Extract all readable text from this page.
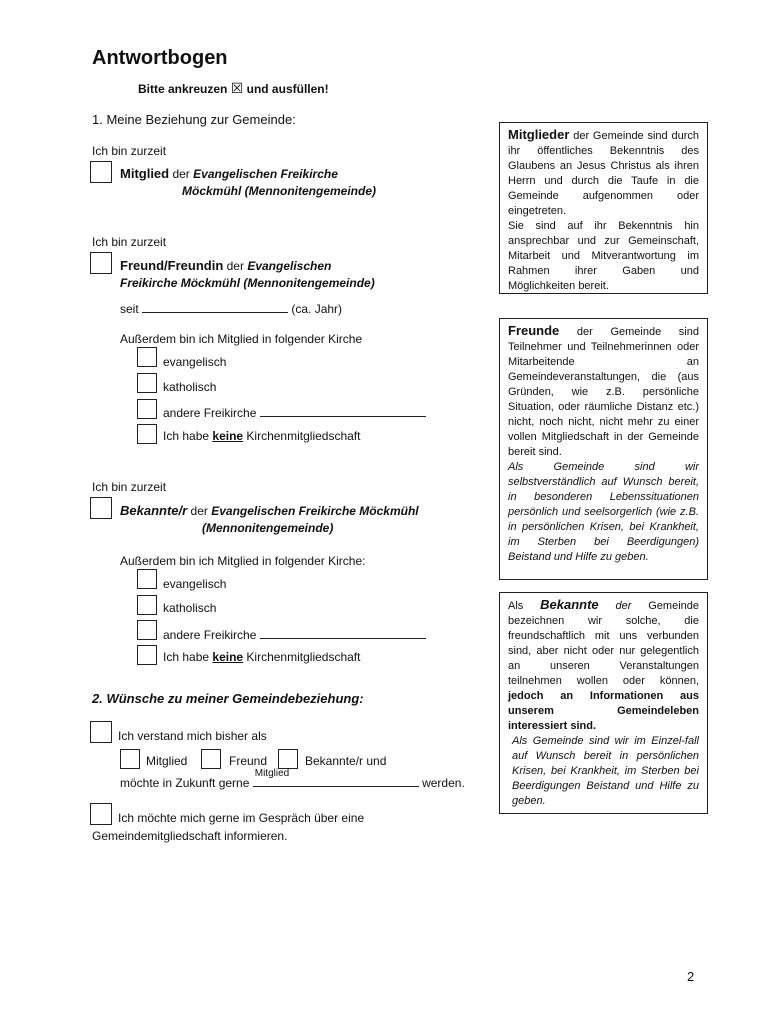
Antwortbogen
Bitte ankreuzen ☒ und ausfüllen!
1. Meine Beziehung zur Gemeinde:
Ich bin zurzeit
Mitglied der Evangelischen Freikirche
Möckmühl (Mennonitengemeinde)
Ich bin zurzeit
Freund/Freundin der Evangelischen
Freikirche Möckmühl (Mennonitengemeinde)
seit	(ca. Jahr)
Außerdem bin ich Mitglied in folgender Kirche
evangelisch
katholisch
andere Freikirche
Ich habe keine Kirchenmitgliedschaft
Ich bin zurzeit
Bekannte/r der Evangelischen Freikirche Möckmühl
(Mennonitengemeinde)
Außerdem bin ich Mitglied in folgender Kirche:
evangelisch
katholisch
andere Freikirche
Ich habe keine Kirchenmitgliedschaft
2. Wünsche zu meiner Gemeindebeziehung:
Ich verstand mich bisher als
Mitglied	Freund	Bekannte/r und
möchte in Zukunft gerne
Mitglied
werden.
Ich möchte mich gerne im Gespräch über eine
Gemeindemitgliedschaft informieren.

Mitglieder der Gemeinde sind durch ihr öffentliches Bekenntnis des Glaubens an Jesus Christus als ihren Herrn und durch die Taufe in die Gemeinde aufgenommen oder eingetreten.

Sie sind auf ihr Bekenntnis hin ansprechbar und zur Gemeinschaft, Mitarbeit und Mitverantwortung im Rahmen ihrer Gaben und Möglichkeiten bereit.

Freunde der Gemeinde sind Teilnehmer und Teilnehmerinnen oder Mitarbeitende an Gemeindeveranstaltungen, die (aus Gründen, wie z.B. persönliche Situation, oder räumliche Distanz etc.) nicht, noch nicht, nicht mehr zu einer vollen Mitgliedschaft in der Gemeinde bereit sind.

Als Gemeinde sind wir selbstverständlich auf Wunsch bereit, in besonderen Lebenssituationen persönlich und seelsorgerlich (wie z.B. in persönlichen Krisen, bei Krankheit, im Sterben bei Beerdigungen) Beistand und Hilfe zu geben.

Als Bekannte der Gemeinde bezeichnen wir solche, die freundschaftlich mit uns verbunden sind, aber nicht oder nur gelegentlich an unseren Veranstaltungen teilnehmen wollen oder können, jedoch an Informationen aus unserem Gemeindeleben interessiert sind.

Als Gemeinde sind wir im Einzel-fall auf Wunsch bereit in persönlichen Krisen, bei Krankheit, im Sterben bei Beerdigungen Beistand und Hilfe zu geben.

2
